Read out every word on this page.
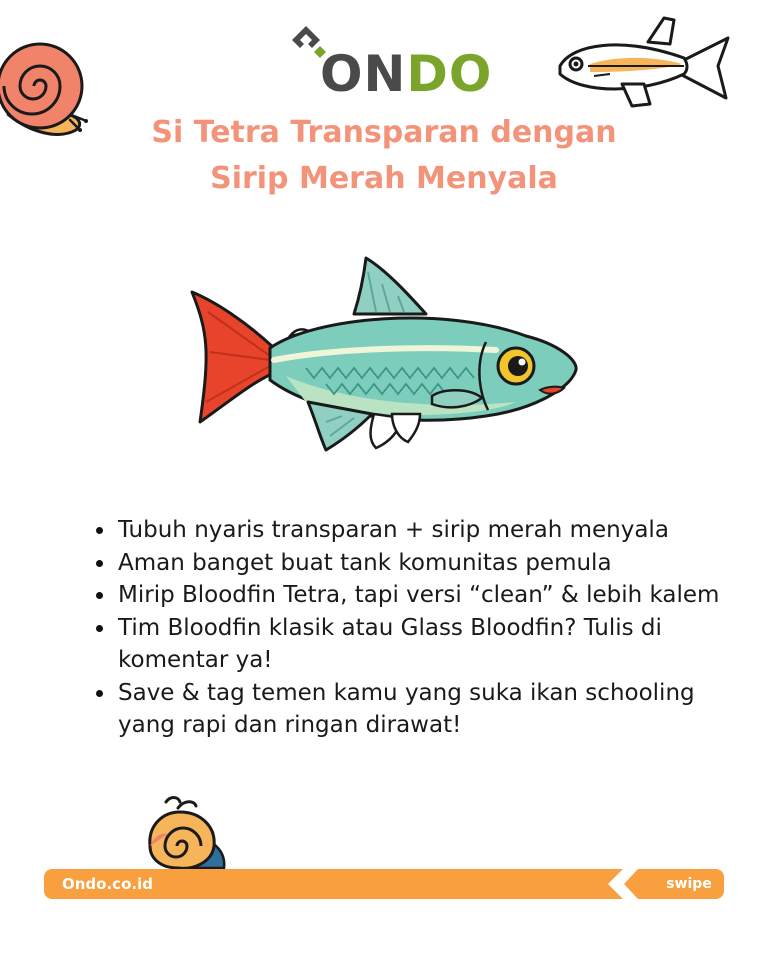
ONDO
Si Tetra Transparan dengan
Sirip Merah Menyala
Tubuh nyaris transparan + sirip merah menyala
Aman banget buat tank komunitas pemula
Mirip Bloodfin Tetra, tapi versi “clean” & lebih kalem
Tim Bloodfin klasik atau Glass Bloodfin? Tulis di komentar ya!
Save & tag temen kamu yang suka ikan schooling yang rapi dan ringan dirawat!
Ondo.co.id	swipe
